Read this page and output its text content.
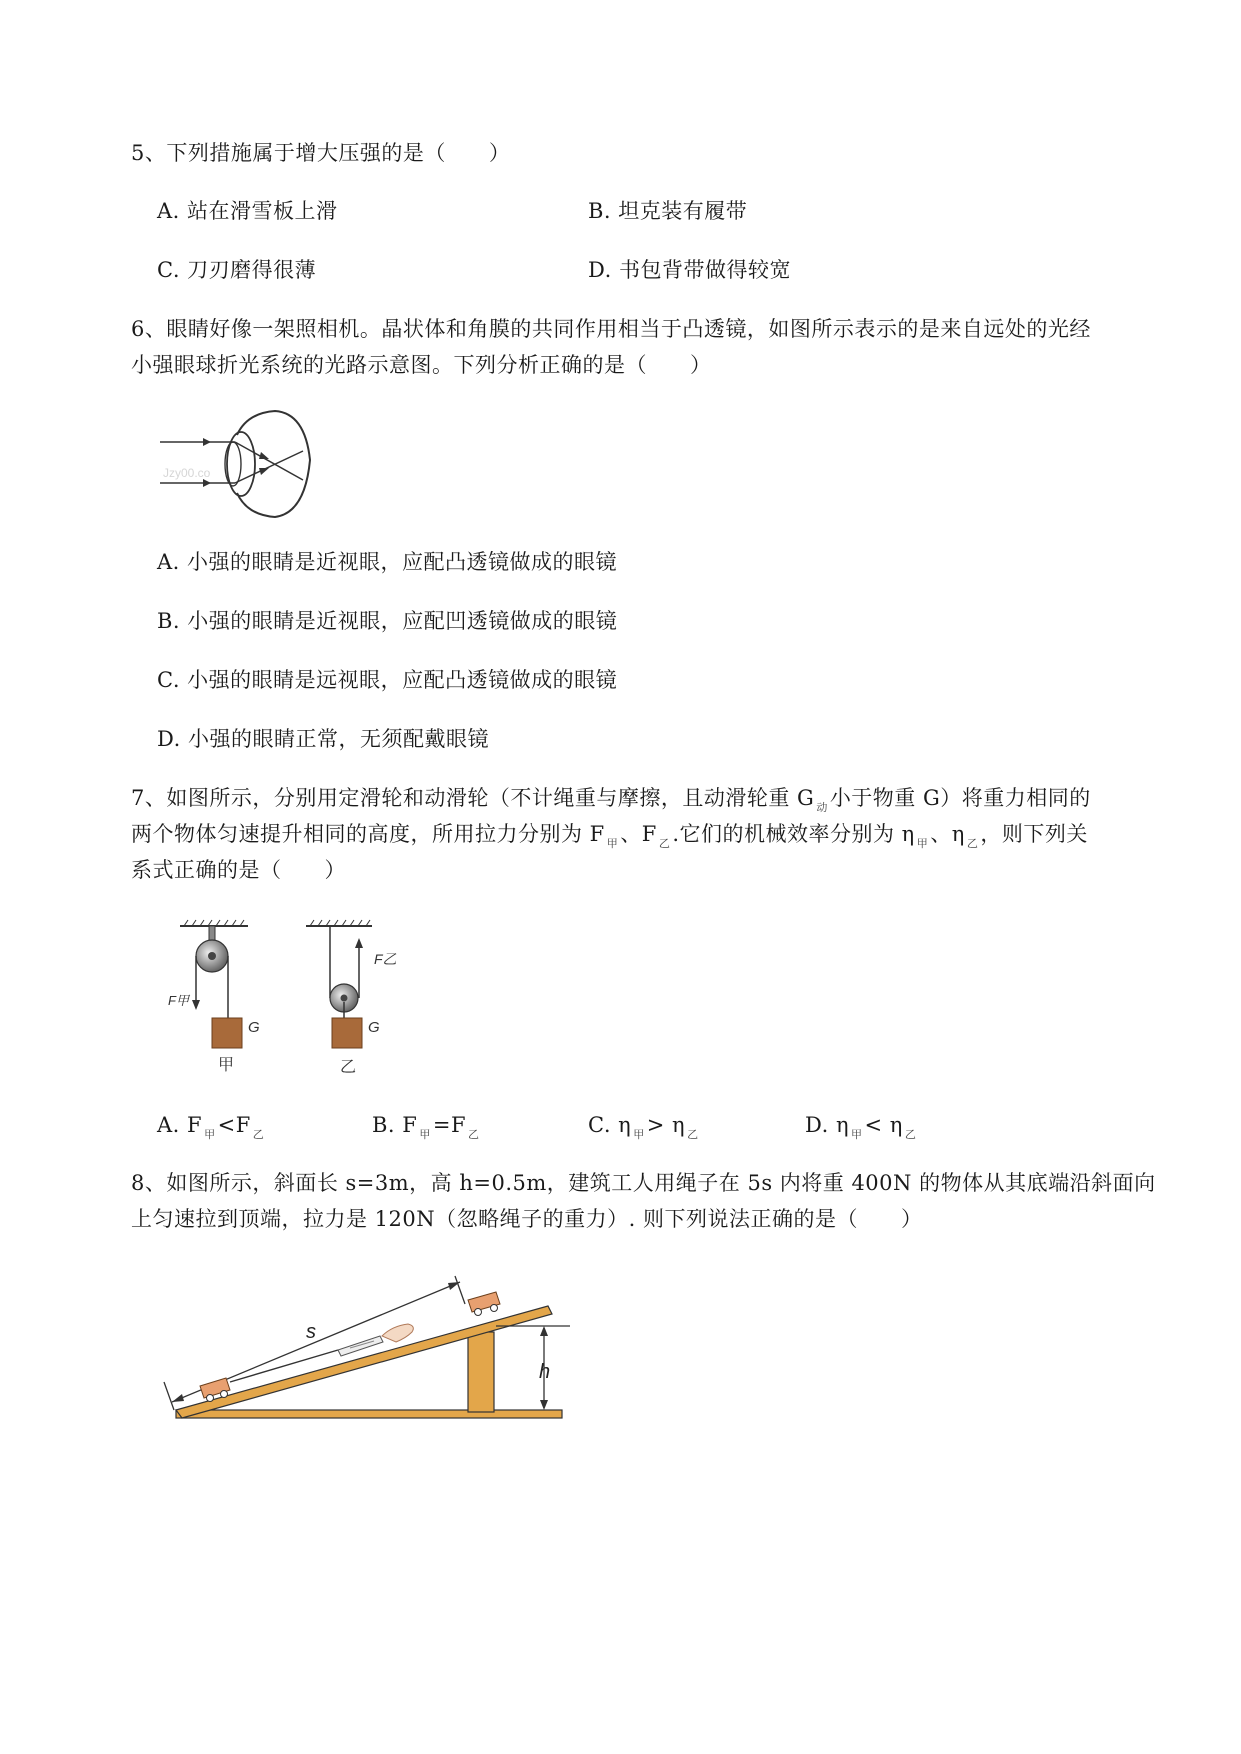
5、下列措施属于增大压强的是（　　）
A. 站在滑雪板上滑	B. 坦克装有履带
C. 刀刃磨得很薄	D. 书包背带做得较宽
6、眼睛好像一架照相机。晶状体和角膜的共同作用相当于凸透镜，如图所示表示的是来自远处的光经
小强眼球折光系统的光路示意图。下列分析正确的是（　　）
Jzy00.co
A. 小强的眼睛是近视眼，应配凸透镜做成的眼镜
B. 小强的眼睛是近视眼，应配凹透镜做成的眼镜
C. 小强的眼睛是远视眼，应配凸透镜做成的眼镜
D. 小强的眼睛正常，无须配戴眼镜
7、如图所示，分别用定滑轮和动滑轮（不计绳重与摩擦，且动滑轮重 G $_动$小于物重 G）将重力相同的
两个物体匀速提升相同的高度，所用拉力分别为 F $_甲$、F $_乙$.它们的机械效率分别为 η $_甲$、η $_乙$，则下列关
系式正确的是（　　）
F甲
G
甲
F乙
G
乙
A. F $_甲$<F $_乙$	B. F $_甲$=F $_乙$	C. η $_甲$> η $_乙$	D. η $_甲$< η $_乙$
8、如图所示，斜面长 s=3m，高 h=0.5m，建筑工人用绳子在 5s 内将重 400N 的物体从其底端沿斜面向
上匀速拉到顶端，拉力是 120N（忽略绳子的重力）. 则下列说法正确的是（　　）
s
h
